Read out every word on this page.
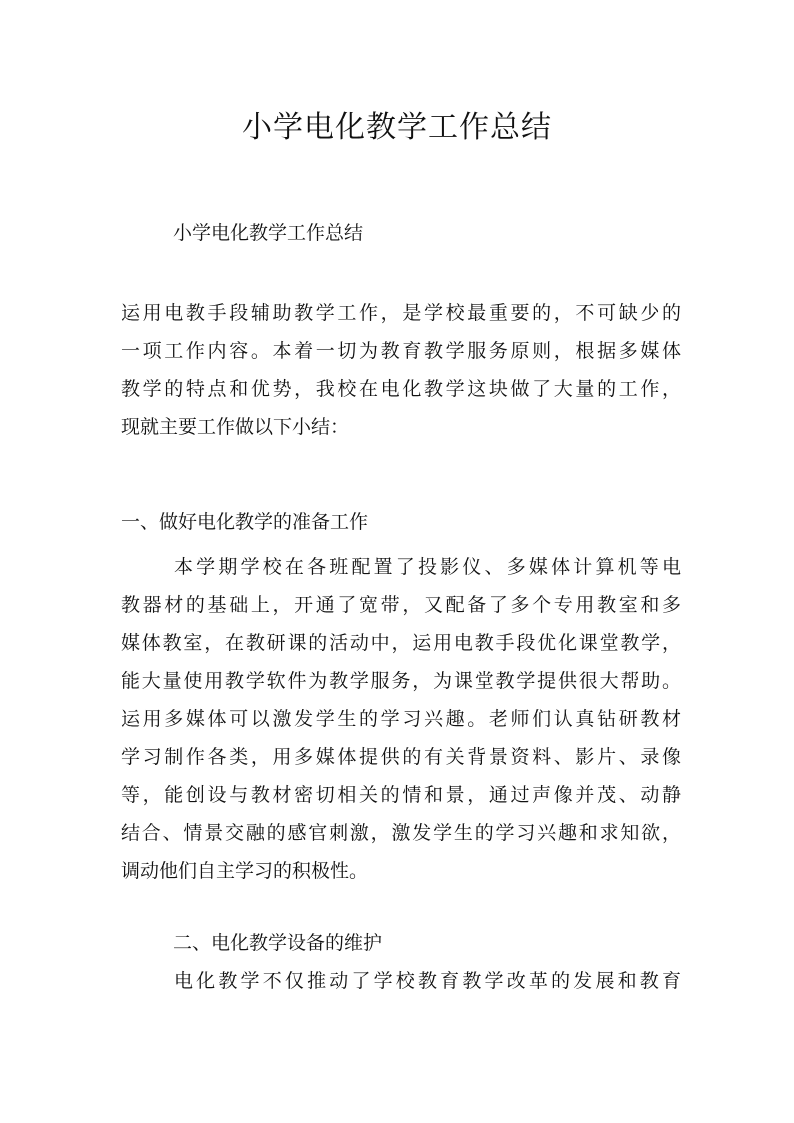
小学电化教学工作总结

小学电化教学工作总结

运用电教手段辅助教学工作，是学校最重要的，不可缺少的
一项工作内容。本着一切为教育教学服务原则，根据多媒体
教学的特点和优势，我校在电化教学这块做了大量的工作，
现就主要工作做以下小结：

一、做好电化教学的准备工作

本学期学校在各班配置了投影仪、多媒体计算机等电
教器材的基础上，开通了宽带，又配备了多个专用教室和多
媒体教室，在教研课的活动中，运用电教手段优化课堂教学，
能大量使用教学软件为教学服务，为课堂教学提供很大帮助。
运用多媒体可以激发学生的学习兴趣。老师们认真钻研教材
学习制作各类，用多媒体提供的有关背景资料、影片、录像
等，能创设与教材密切相关的情和景，通过声像并茂、动静
结合、情景交融的感官刺激，激发学生的学习兴趣和求知欲，
调动他们自主学习的积极性。

二、电化教学设备的维护

电化教学不仅推动了学校教育教学改革的发展和教育
